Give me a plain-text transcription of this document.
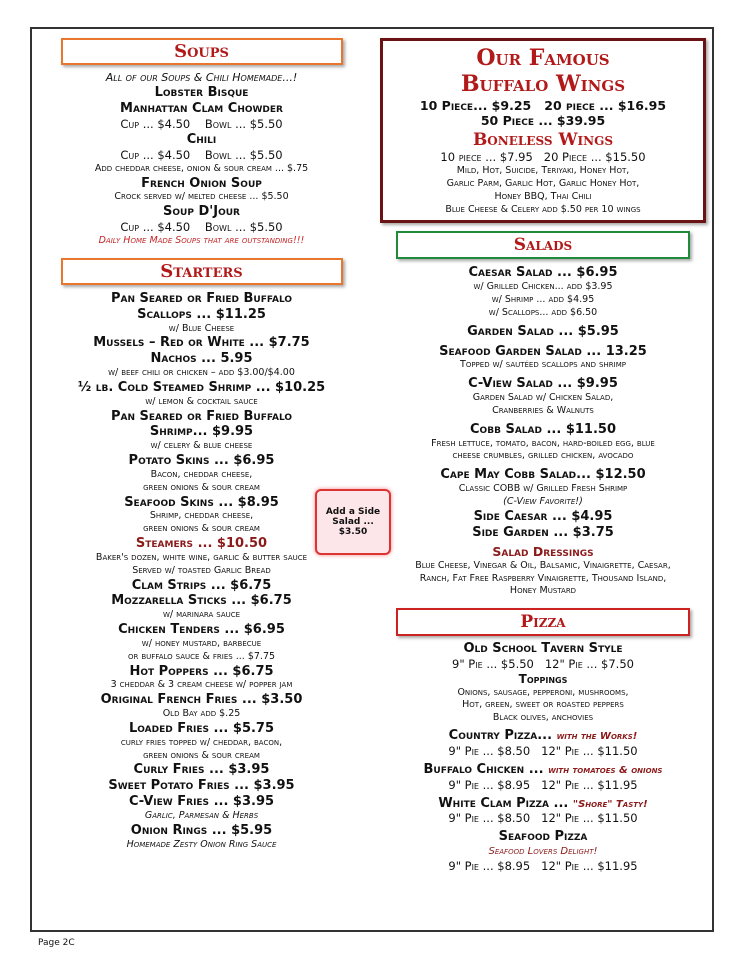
Soups

All of our Soups & Chili Homemade...!

Lobster Bisque

Manhattan Clam Chowder

Cup ... $4.50    Bowl ... $5.50

Chili

Cup ... $4.50    Bowl ... $5.50

Add cheddar cheese, onion & sour cream ... $.75

French Onion Soup

Crock served w/ melted cheese ... $5.50

Soup D'Jour

Cup ... $4.50    Bowl ... $5.50

Daily Home Made Soups that are outstanding!!!

Starters

Pan Seared or Fried Buffalo

Scallops ... $11.25

w/ Blue Cheese

Mussels – Red or White ... $7.75

Nachos ... 5.95

w/ beef chili or chicken – add $3.00/$4.00

½ lb. Cold Steamed Shrimp ... $10.25

w/ lemon & cocktail sauce

Pan Seared or Fried Buffalo

Shrimp... $9.95

w/ celery & blue cheese

Potato Skins ... $6.95

Bacon, cheddar cheese,

green onions & sour cream

Seafood Skins ... $8.95

Shrimp, cheddar cheese,

green onions & sour cream

Steamers ... $10.50

Baker's dozen, white wine, garlic & butter sauce

Served w/ toasted Garlic Bread

Clam Strips ... $6.75

Mozzarella Sticks ... $6.75

w/ marinara sauce

Chicken Tenders ... $6.95

w/ honey mustard, barbecue

or buffalo sauce & fries ... $7.75

Hot Poppers ... $6.75

3 cheddar & 3 cream cheese w/ popper jam

Original French Fries ... $3.50

Old Bay add $.25

Loaded Fries ... $5.75

curly fries topped w/ cheddar, bacon,

green onions & sour cream

Curly Fries ... $3.95

Sweet Potato Fries ... $3.95

C-View Fries ... $3.95

Garlic, Parmesan & Herbs

Onion Rings ... $5.95

Homemade Zesty Onion Ring Sauce

Add a Side
Salad ...
$3.50

Our Famous

Buffalo Wings

10 Piece... $9.25   20 piece ... $16.95

50 Piece ... $39.95

Boneless Wings

10 piece ... $7.95   20 Piece ... $15.50

Mild, Hot, Suicide, Teriyaki, Honey Hot,

Garlic Parm, Garlic Hot, Garlic Honey Hot,

Honey BBQ, Thai Chili

Blue Cheese & Celery add $.50 per 10 wings

Salads

Caesar Salad ... $6.95

w/ Grilled Chicken... add $3.95

w/ Shrimp ... add $4.95

w/ Scallops... add $6.50

Garden Salad ... $5.95

Seafood Garden Salad ... 13.25

Topped w/ sautéed scallops and shrimp

C-View Salad ... $9.95

Garden Salad w/ Chicken Salad,

Cranberries & Walnuts

Cobb Salad ... $11.50

Fresh lettuce, tomato, bacon, hard-boiled egg, blue

cheese crumbles, grilled chicken, avocado

Cape May Cobb Salad... $12.50

Classic COBB w/ Grilled Fresh Shrimp

(C-View Favorite!)

Side Caesar ... $4.95

Side Garden ... $3.75

Salad Dressings

Blue Cheese, Vinegar & Oil, Balsamic, Vinaigrette, Caesar,

Ranch, Fat Free Raspberry Vinaigrette, Thousand Island,

Honey Mustard

Pizza

Old School Tavern Style

9" Pie ... $5.50   12" Pie ... $7.50

Toppings

Onions, sausage, pepperoni, mushrooms,

Hot, green, sweet or roasted peppers

Black olives, anchovies

Country Pizza... with the Works!

9" Pie ... $8.50   12" Pie ... $11.50

Buffalo Chicken ... with tomatoes & onions

9" Pie ... $8.95   12" Pie ... $11.95

White Clam Pizza ... "Shore" Tasty!

9" Pie ... $8.50   12" Pie ... $11.50

Seafood Pizza

Seafood Lovers Delight!

9" Pie ... $8.95   12" Pie ... $11.95

Page 2C
